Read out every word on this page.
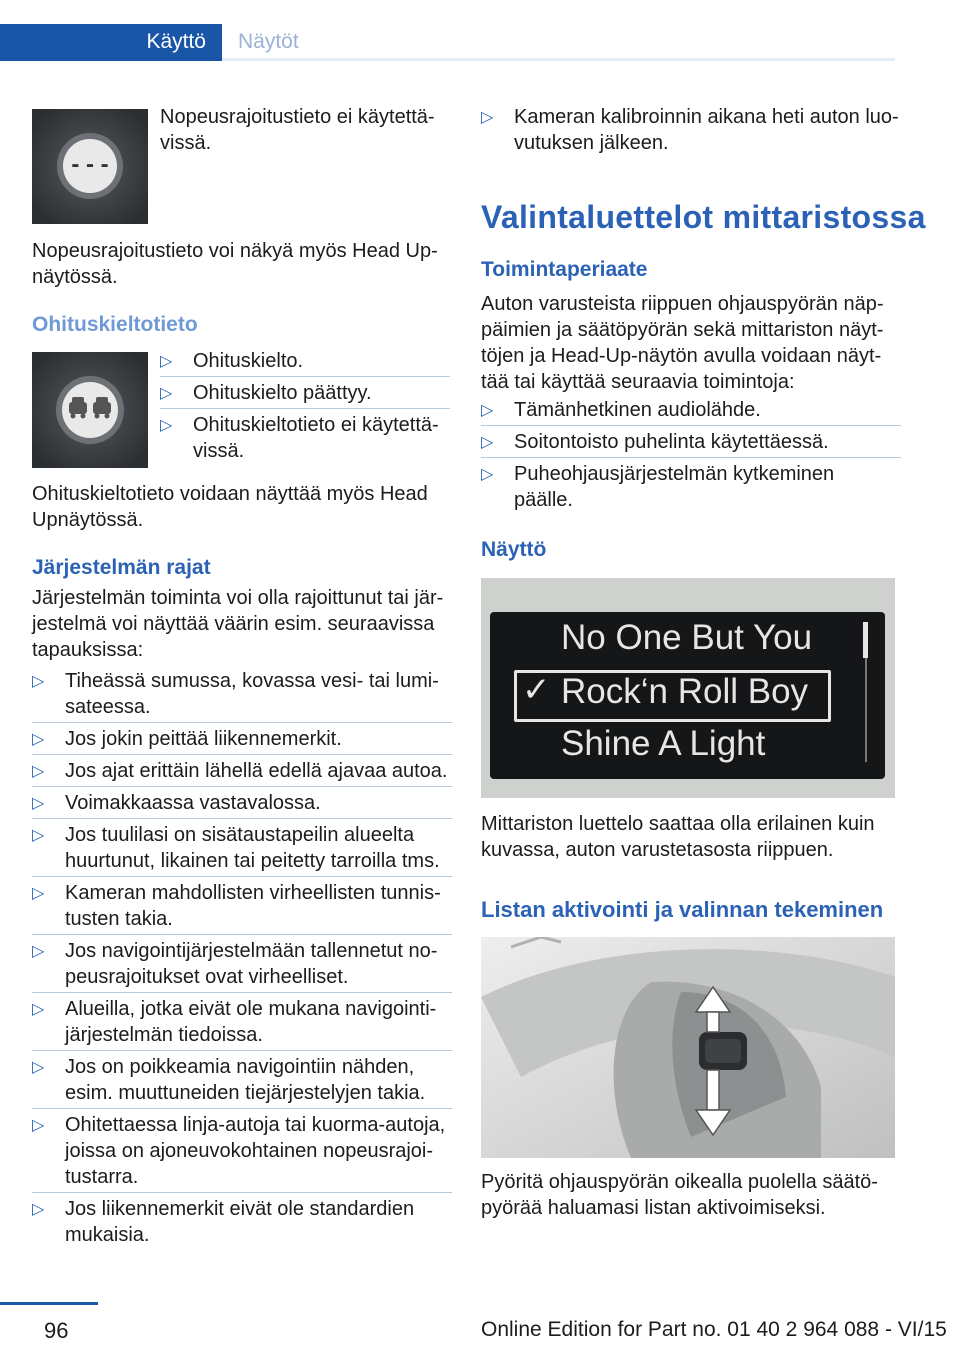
Käyttö Näytöt
- - -
Nopeusrajoitustieto ei käytettä-
vissä.
Nopeusrajoitustieto voi näkyä myös Head Up-
näytössä.
Ohituskieltotieto
▷ Ohituskielto.
▷ Ohituskielto päättyy.
▷ Ohituskieltotieto ei käytettä-
vissä.
Ohituskieltotieto voidaan näyttää myös Head
Upnäytössä.
Järjestelmän rajat
Järjestelmän toiminta voi olla rajoittunut tai jär-
jestelmä voi näyttää väärin esim. seuraavissa
tapauksissa:
▷ Tiheässä sumussa, kovassa vesi- tai lumi-
sateessa.
▷ Jos jokin peittää liikennemerkit.
▷ Jos ajat erittäin lähellä edellä ajavaa autoa.
▷ Voimakkaassa vastavalossa.
▷ Jos tuulilasi on sisätaustapeilin alueelta
huurtunut, likainen tai peitetty tarroilla tms.
▷ Kameran mahdollisten virheellisten tunnis-
tusten takia.
▷ Jos navigointijärjestelmään tallennetut no-
peusrajoitukset ovat virheelliset.
▷ Alueilla, jotka eivät ole mukana navigointi-
järjestelmän tiedoissa.
▷ Jos on poikkeamia navigointiin nähden,
esim. muuttuneiden tiejärjestelyjen takia.
▷ Ohitettaessa linja-autoja tai kuorma-autoja,
joissa on ajoneuvokohtainen nopeusrajoi-
tustarra.
▷ Jos liikennemerkit eivät ole standardien
mukaisia.
▷ Kameran kalibroinnin aikana heti auton luo-
vutuksen jälkeen.
Valintaluettelot mittaristossa
Toimintaperiaate
Auton varusteista riippuen ohjauspyörän näp-
päimien ja säätöpyörän sekä mittariston näyt-
töjen ja Head-Up-näytön avulla voidaan näyt-
tää tai käyttää seuraavia toimintoja:
▷ Tämänhetkinen audiolähde.
▷ Soitontoisto puhelinta käytettäessä.
▷ Puheohjausjärjestelmän kytkeminen
päälle.
Näyttö
No One But You
✓ Rock‘n Roll Boy
Shine A Light
Mittariston luettelo saattaa olla erilainen kuin
kuvassa, auton varustetasosta riippuen.
Listan aktivointi ja valinnan tekeminen
Pyöritä ohjauspyörän oikealla puolella säätö-
pyörää haluamasi listan aktivoimiseksi.
96	Online Edition for Part no. 01 40 2 964 088 - VI/15
